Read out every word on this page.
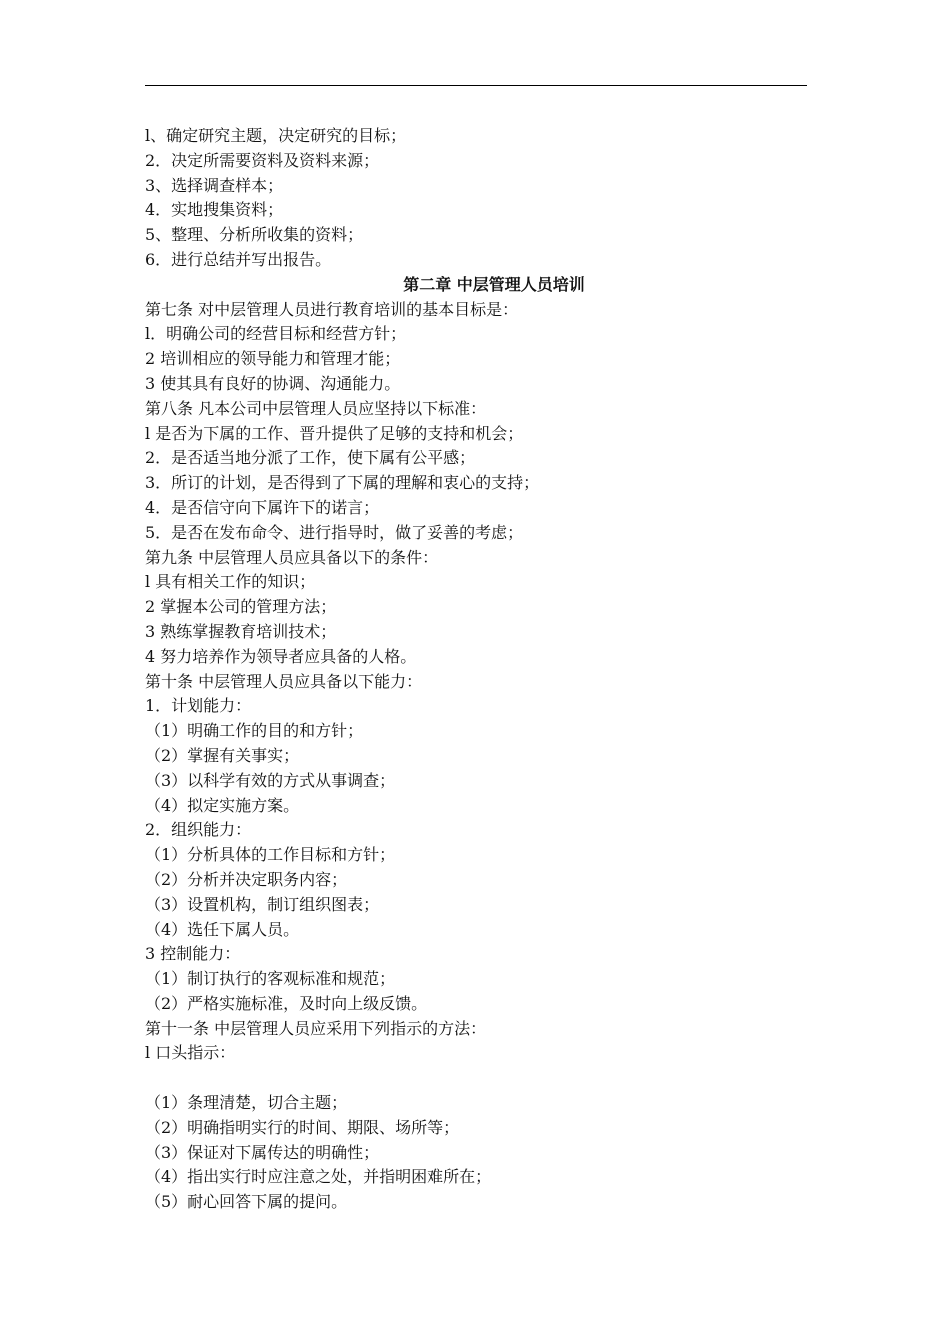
l、确定研究主题，决定研究的目标；
2．决定所需要资料及资料来源；
3、选择调查样本；
4．实地搜集资料；
5、整理、分析所收集的资料；
6．进行总结并写出报告。
第二章 中层管理人员培训
第七条 对中层管理人员进行教育培训的基本目标是：
l．明确公司的经营目标和经营方针；
2 培训相应的领导能力和管理才能；
3 使其具有良好的协调、沟通能力。
第八条 凡本公司中层管理人员应坚持以下标准：
l 是否为下属的工作、晋升提供了足够的支持和机会；
2．是否适当地分派了工作，使下属有公平感；
3．所订的计划，是否得到了下属的理解和衷心的支持；
4．是否信守向下属许下的诺言；
5．是否在发布命令、进行指导时，做了妥善的考虑；
第九条 中层管理人员应具备以下的条件：
l 具有相关工作的知识；
2 掌握本公司的管理方法；
3 熟练掌握教育培训技术；
4 努力培养作为领导者应具备的人格。
第十条 中层管理人员应具备以下能力：
1．计划能力：
（1）明确工作的目的和方针；
（2）掌握有关事实；
（3）以科学有效的方式从事调查；
（4）拟定实施方案。
2．组织能力：
（1）分析具体的工作目标和方针；
（2）分析并决定职务内容；
（3）设置机构，制订组织图表；
（4）选任下属人员。
3 控制能力：
（1）制订执行的客观标准和规范；
（2）严格实施标准，及时向上级反馈。
第十一条 中层管理人员应采用下列指示的方法：
l 口头指示：
（1）条理清楚，切合主题；
（2）明确指明实行的时间、期限、场所等；
（3）保证对下属传达的明确性；
（4）指出实行时应注意之处，并指明困难所在；
（5）耐心回答下属的提问。
